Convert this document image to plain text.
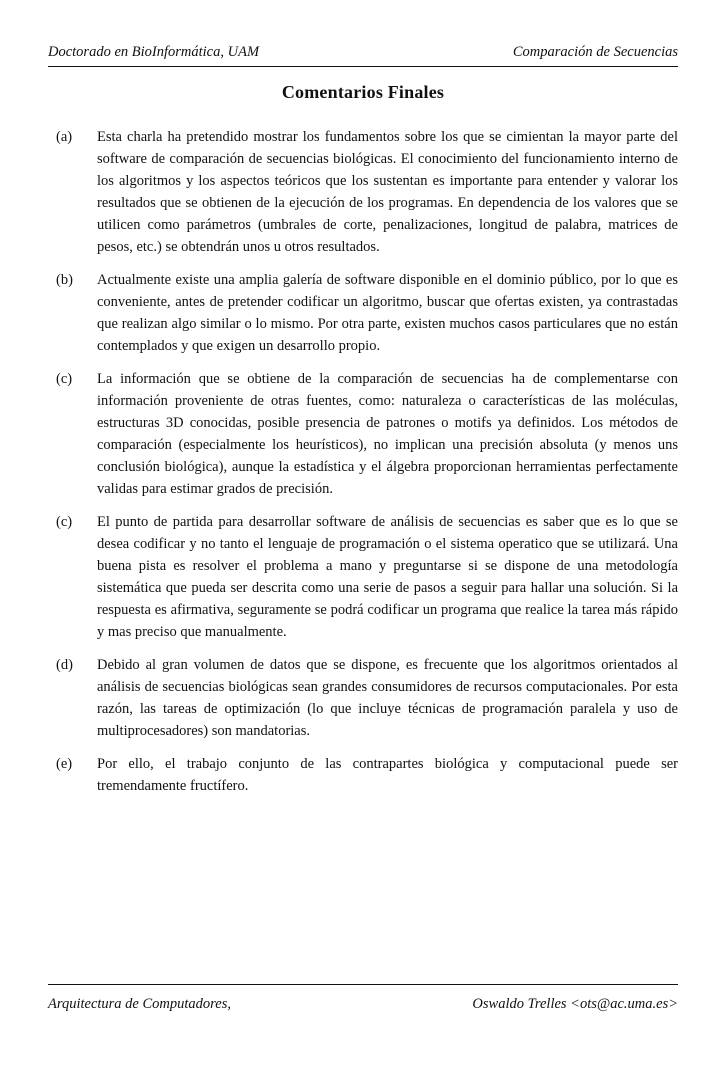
Doctorado en BioInformática, UAM	Comparación de Secuencias
Comentarios Finales
(a)	Esta charla ha pretendido mostrar los fundamentos sobre los que se cimientan la mayor parte del software de comparación de secuencias biológicas. El conocimiento del funcionamiento interno de los algoritmos y los aspectos teóricos que los sustentan es importante para entender y valorar los resultados que se obtienen de la ejecución de los programas. En dependencia de los valores que se utilicen como parámetros (umbrales de corte, penalizaciones, longitud de palabra, matrices de pesos, etc.) se obtendrán unos u otros resultados.
(b)	Actualmente existe una amplia galería de software disponible en el dominio público, por lo que es conveniente, antes de pretender codificar un algoritmo, buscar que ofertas existen, ya contrastadas que realizan algo similar o lo mismo. Por otra parte, existen muchos casos particulares que no están contemplados y que exigen un desarrollo propio.
(c)	La información que se obtiene de la comparación de secuencias ha de complementarse con información proveniente de otras fuentes, como: naturaleza o características de las moléculas, estructuras 3D conocidas, posible presencia de patrones o motifs ya definidos. Los métodos de comparación (especialmente los heurísticos), no implican una precisión absoluta (y menos uns conclusión biológica), aunque la estadística y el álgebra proporcionan herramientas perfectamente validas para estimar grados de precisión.
(c)	El punto de partida para desarrollar software de análisis de secuencias es saber que es lo que se desea codificar y no tanto el lenguaje de programación o el sistema operatico que se utilizará. Una buena pista es resolver el problema a mano y preguntarse si se dispone de una metodología sistemática que pueda ser descrita como una serie de pasos a seguir para hallar una solución. Si la respuesta es afirmativa, seguramente se podrá codificar un programa que realice la tarea más rápido y mas preciso que manualmente.
(d)	Debido al gran volumen de datos que se dispone, es frecuente que los algoritmos orientados al análisis de secuencias biológicas sean grandes consumidores de recursos computacionales. Por esta razón, las tareas de optimización (lo que incluye técnicas de programación paralela y uso de multiprocesadores) son mandatorias.
(e)	Por ello, el trabajo conjunto de las contrapartes biológica y computacional puede ser tremendamente fructífero.
Arquitectura de Computadores,	Oswaldo Trelles <ots@ac.uma.es>
